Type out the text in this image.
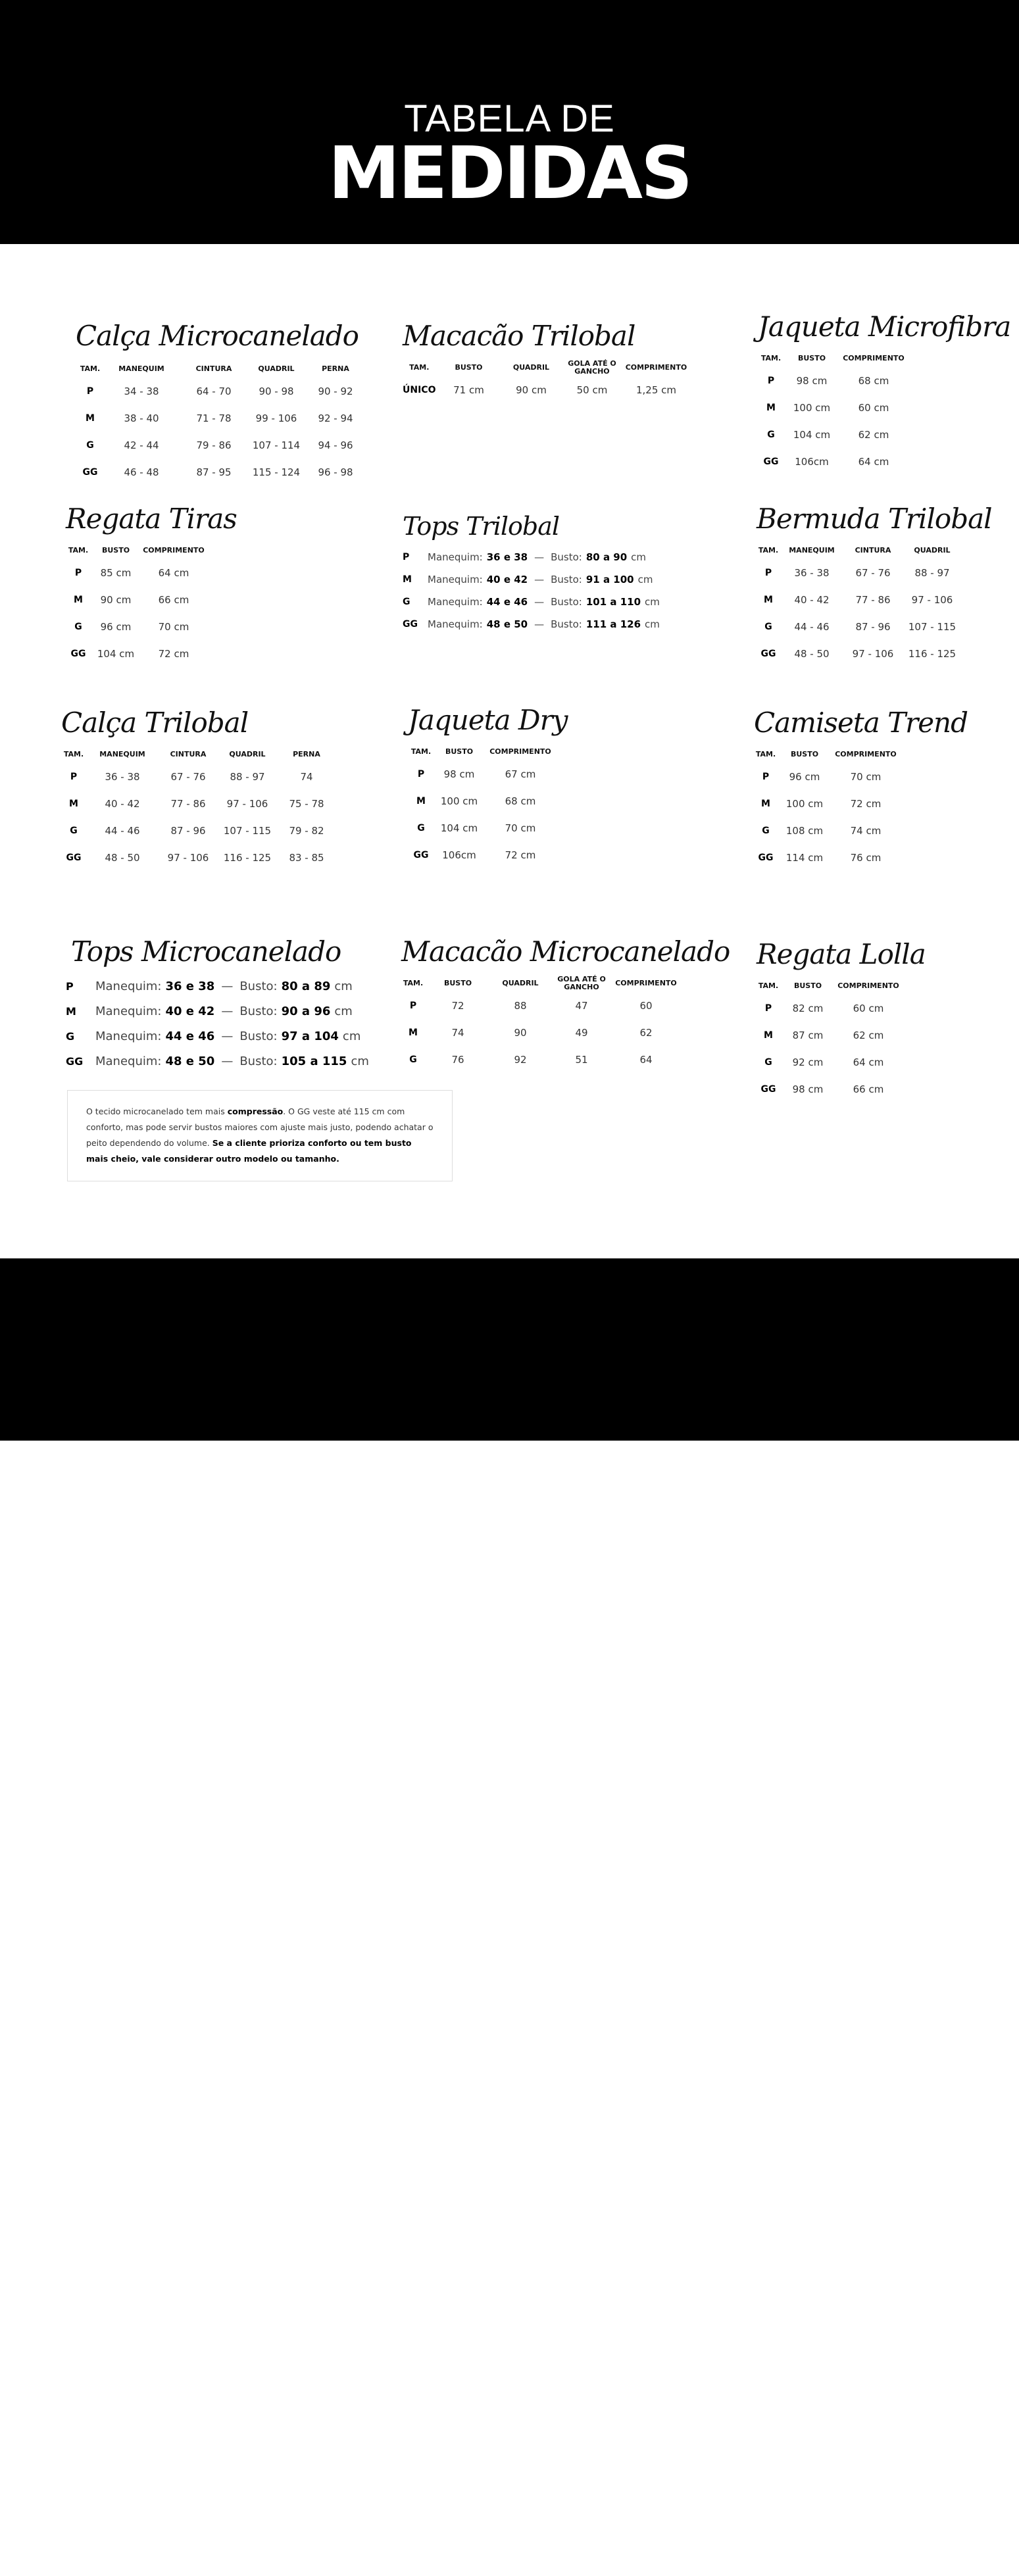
TABELA DE
MEDIDAS
Calça Microcanelado
TAM.	MANEQUIM	CINTURA	QUADRIL	PERNA
P	34 - 38	64 - 70	90 - 98	90 - 92
M	38 - 40	71 - 78	99 - 106	92 - 94
G	42 - 44	79 - 86	107 - 114	94 - 96
GG	46 - 48	87 - 95	115 - 124	96 - 98
Macacão Trilobal
TAM.	BUSTO	QUADRIL	GOLA ATÉ O GANCHO	COMPRIMENTO
ÚNICO	71 cm	90 cm	50 cm	1,25 cm
Jaqueta Microfibra
TAM.	BUSTO	COMPRIMENTO
P	98 cm	68 cm
M	100 cm	60 cm
G	104 cm	62 cm
GG	106cm	64 cm
Regata Tiras
TAM.	BUSTO	COMPRIMENTO
P	85 cm	64 cm
M	90 cm	66 cm
G	96 cm	70 cm
GG	104 cm	72 cm
Tops Trilobal
P	Manequim: 36 e 38 — Busto: 80 a 90 cm
M	Manequim: 40 e 42 — Busto: 91 a 100 cm
G	Manequim: 44 e 46 — Busto: 101 a 110 cm
GG	Manequim: 48 e 50 — Busto: 111 a 126 cm
Bermuda Trilobal
TAM.	MANEQUIM	CINTURA	QUADRIL
P	36 - 38	67 - 76	88 - 97
M	40 - 42	77 - 86	97 - 106
G	44 - 46	87 - 96	107 - 115
GG	48 - 50	97 - 106	116 - 125
Calça Trilobal
TAM.	MANEQUIM	CINTURA	QUADRIL	PERNA
P	36 - 38	67 - 76	88 - 97	74
M	40 - 42	77 - 86	97 - 106	75 - 78
G	44 - 46	87 - 96	107 - 115	79 - 82
GG	48 - 50	97 - 106	116 - 125	83 - 85
Jaqueta Dry
TAM.	BUSTO	COMPRIMENTO
P	98 cm	67 cm
M	100 cm	68 cm
G	104 cm	70 cm
GG	106cm	72 cm
Camiseta Trend
TAM.	BUSTO	COMPRIMENTO
P	96 cm	70 cm
M	100 cm	72 cm
G	108 cm	74 cm
GG	114 cm	76 cm
Tops Microcanelado
P	Manequim: 36 e 38 — Busto: 80 a 89 cm
M	Manequim: 40 e 42 — Busto: 90 a 96 cm
G	Manequim: 44 e 46 — Busto: 97 a 104 cm
GG	Manequim: 48 e 50 — Busto: 105 a 115 cm
Macacão Microcanelado
TAM.	BUSTO	QUADRIL	GOLA ATÉ O GANCHO	COMPRIMENTO
P	72	88	47	60
M	74	90	49	62
G	76	92	51	64
Regata Lolla
TAM.	BUSTO	COMPRIMENTO
P	82 cm	60 cm
M	87 cm	62 cm
G	92 cm	64 cm
GG	98 cm	66 cm
O tecido microcanelado tem mais compressão. O GG veste até 115 cm com conforto, mas pode servir bustos maiores com ajuste mais justo, podendo achatar o peito dependendo do volume. Se a cliente prioriza conforto ou tem busto mais cheio, vale considerar outro modelo ou tamanho.
@fire_modafitness
